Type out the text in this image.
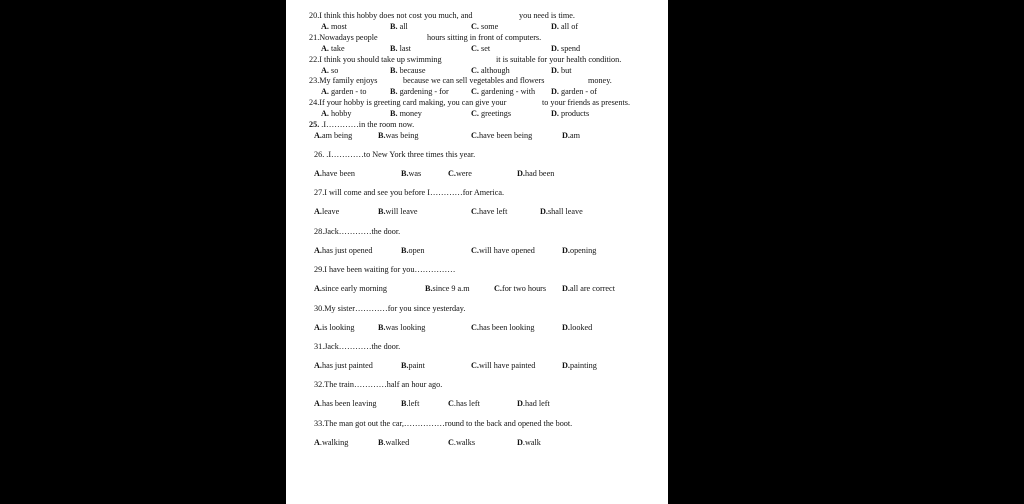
20.I think this hobby does not cost you much, and	you need is time.
A. most	B. all	C. some	D. all of
21.Nowadays people	hours sitting in front of computers.
A. take	B. last	C. set	D. spend
22.I think you should take up swimming	it is suitable for your health condition.
A. so	B. because	C. although	D. but
23.My family enjoys	because we can sell vegetables and flowers	money.
A. garden - to	B. gardening - for	C. gardening - with D. garden - of
24.If your hobby is greeting card making, you can give your	to your friends as presents.
A. hobby	B. money	C. greetings	D. products
25. .I…………in the room now.
A.am being	B.was being	C.have been being	D.am
26. .I…………to New York three times this year.
A.have been	B.was	C.were	D.had been
27.I will come and see you before I…………for America.
A.leave	B.will leave	C.have left	D.shall leave
28.Jack…………the door.
A.has just opened	B.open	C.will have opened	D.opening
29.I have been waiting for you……………
A.since early morning	B.since 9 a.m	C.for two hours D.all are correct
30.My sister…………for you since yesterday.
A.is looking	B.was looking	C.has been looking	D.looked
31.Jack…………the door.
A.has just painted	B.paint	C.will have painted	D.painting
32.The train…………half an hour ago.
A.has been leaving	B.left	C.has left	D.had left
33.The man got out the car,……………round to the back and opened the boot.
A.walking	B.walked	C.walks	D.walk
